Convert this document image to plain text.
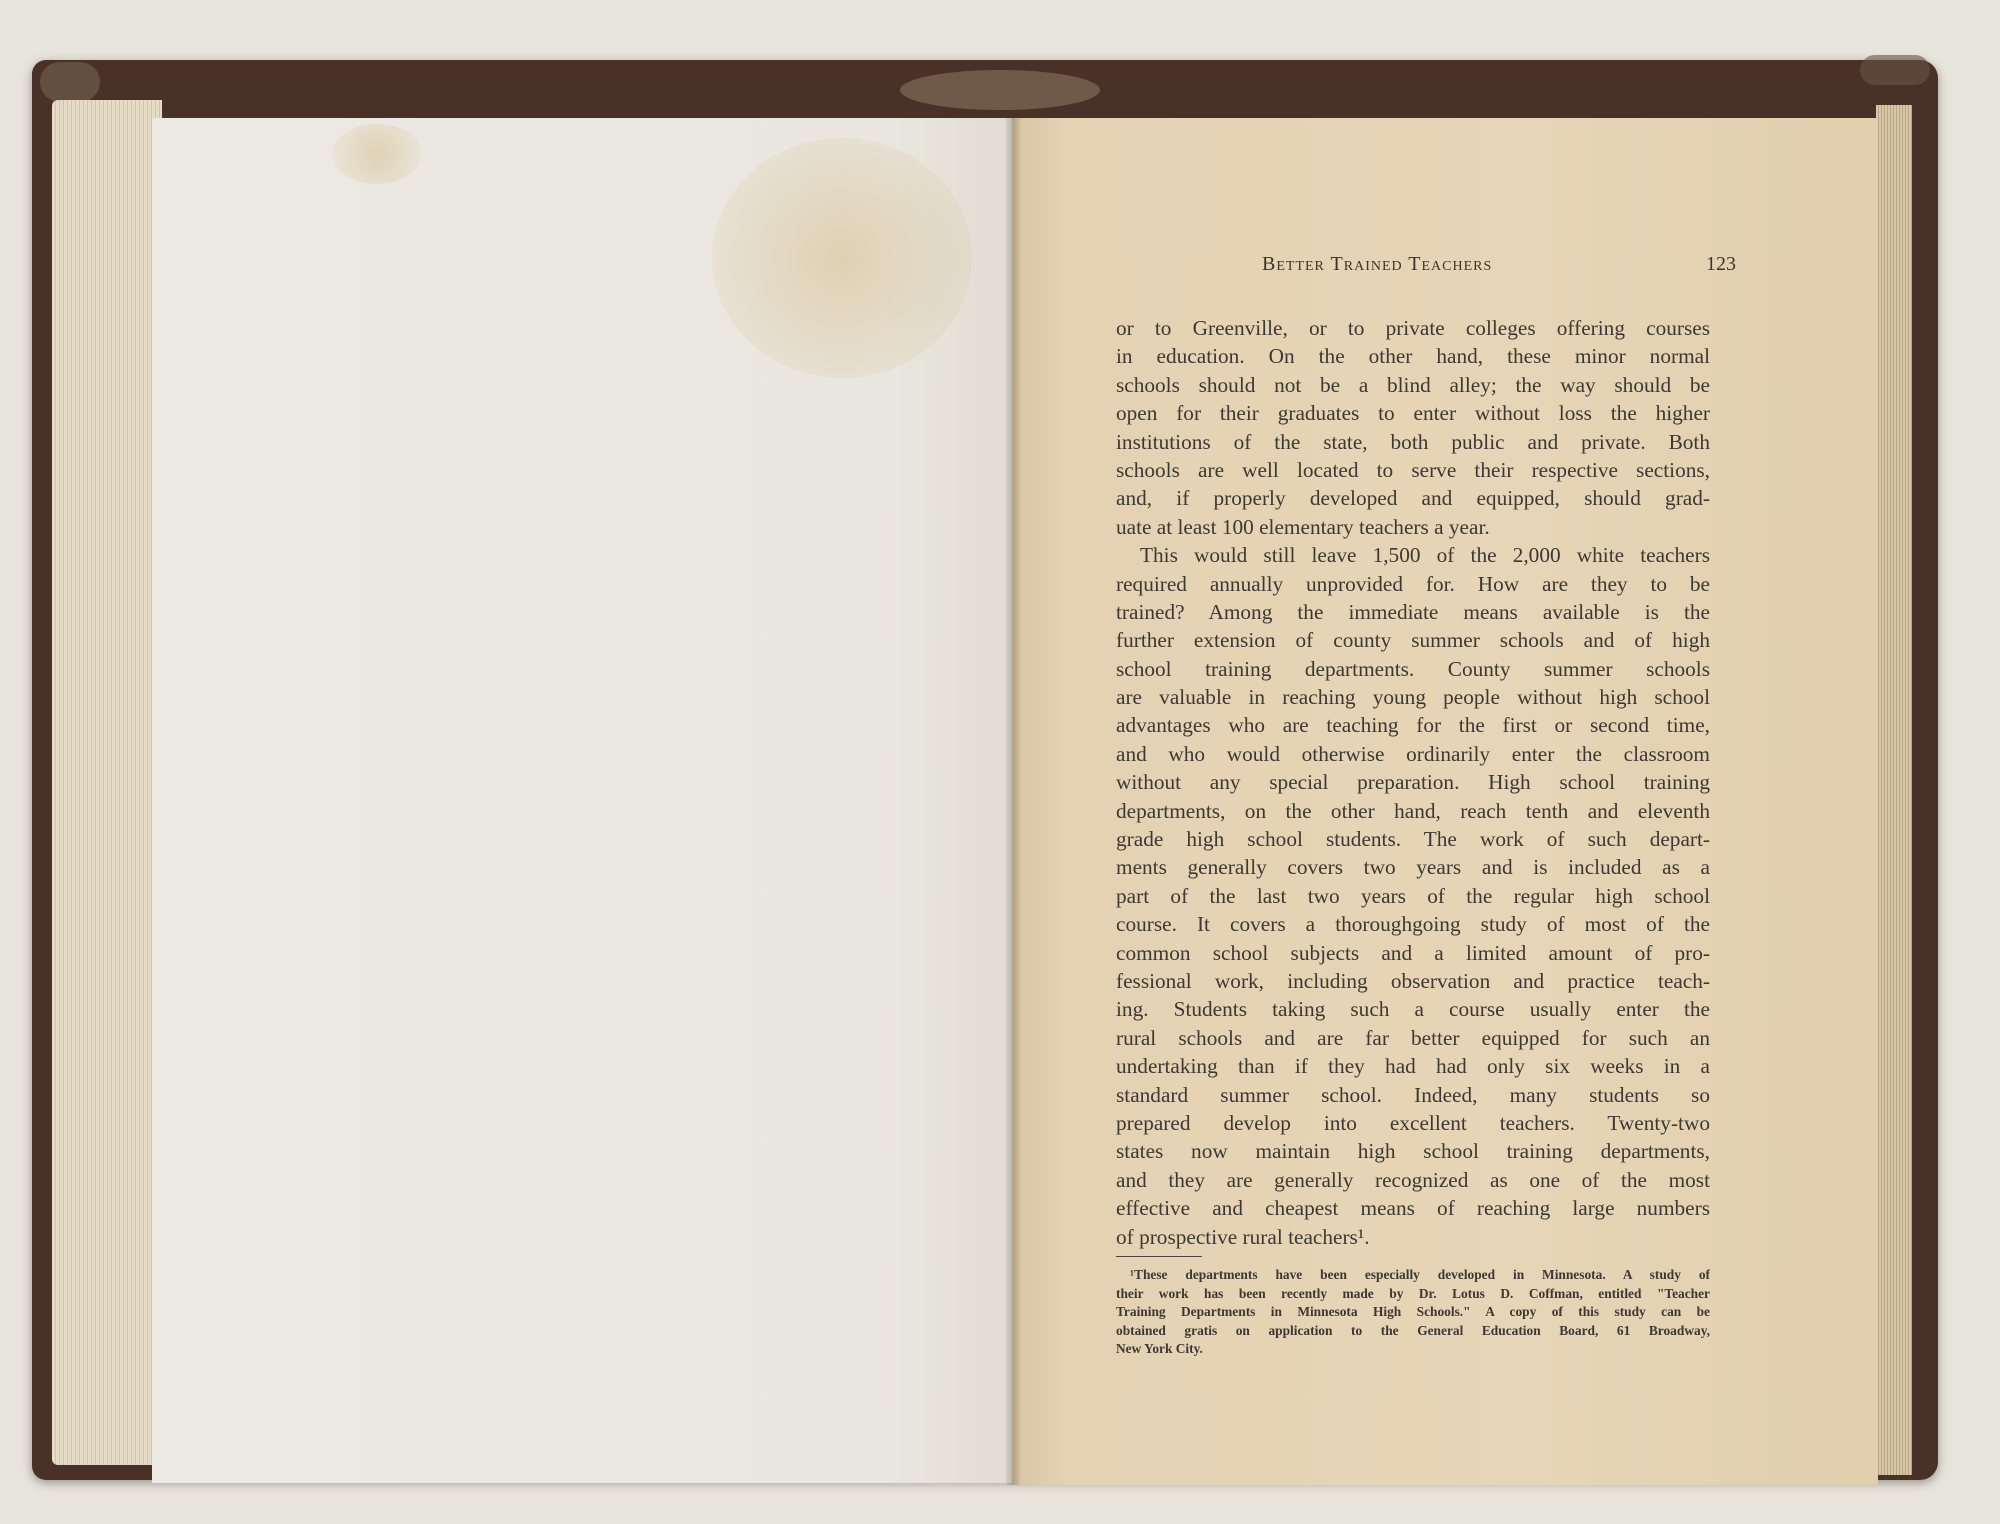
Better Trained Teachers	123
or to Greenville, or to private colleges offering courses
in education. On the other hand, these minor normal
schools should not be a blind alley; the way should be
open for their graduates to enter without loss the higher
institutions of the state, both public and private. Both
schools are well located to serve their respective sections,
and, if properly developed and equipped, should grad-
uate at least 100 elementary teachers a year.
This would still leave 1,500 of the 2,000 white teachers
required annually unprovided for. How are they to be
trained? Among the immediate means available is the
further extension of county summer schools and of high
school training departments. County summer schools
are valuable in reaching young people without high school
advantages who are teaching for the first or second time,
and who would otherwise ordinarily enter the classroom
without any special preparation. High school training
departments, on the other hand, reach tenth and eleventh
grade high school students. The work of such depart-
ments generally covers two years and is included as a
part of the last two years of the regular high school
course. It covers a thoroughgoing study of most of the
common school subjects and a limited amount of pro-
fessional work, including observation and practice teach-
ing. Students taking such a course usually enter the
rural schools and are far better equipped for such an
undertaking than if they had had only six weeks in a
standard summer school. Indeed, many students so
prepared develop into excellent teachers. Twenty-two
states now maintain high school training departments,
and they are generally recognized as one of the most
effective and cheapest means of reaching large numbers
of prospective rural teachers¹.
¹These departments have been especially developed in Minnesota. A study of
their work has been recently made by Dr. Lotus D. Coffman, entitled "Teacher
Training Departments in Minnesota High Schools." A copy of this study can be
obtained gratis on application to the General Education Board, 61 Broadway,
New York City.
